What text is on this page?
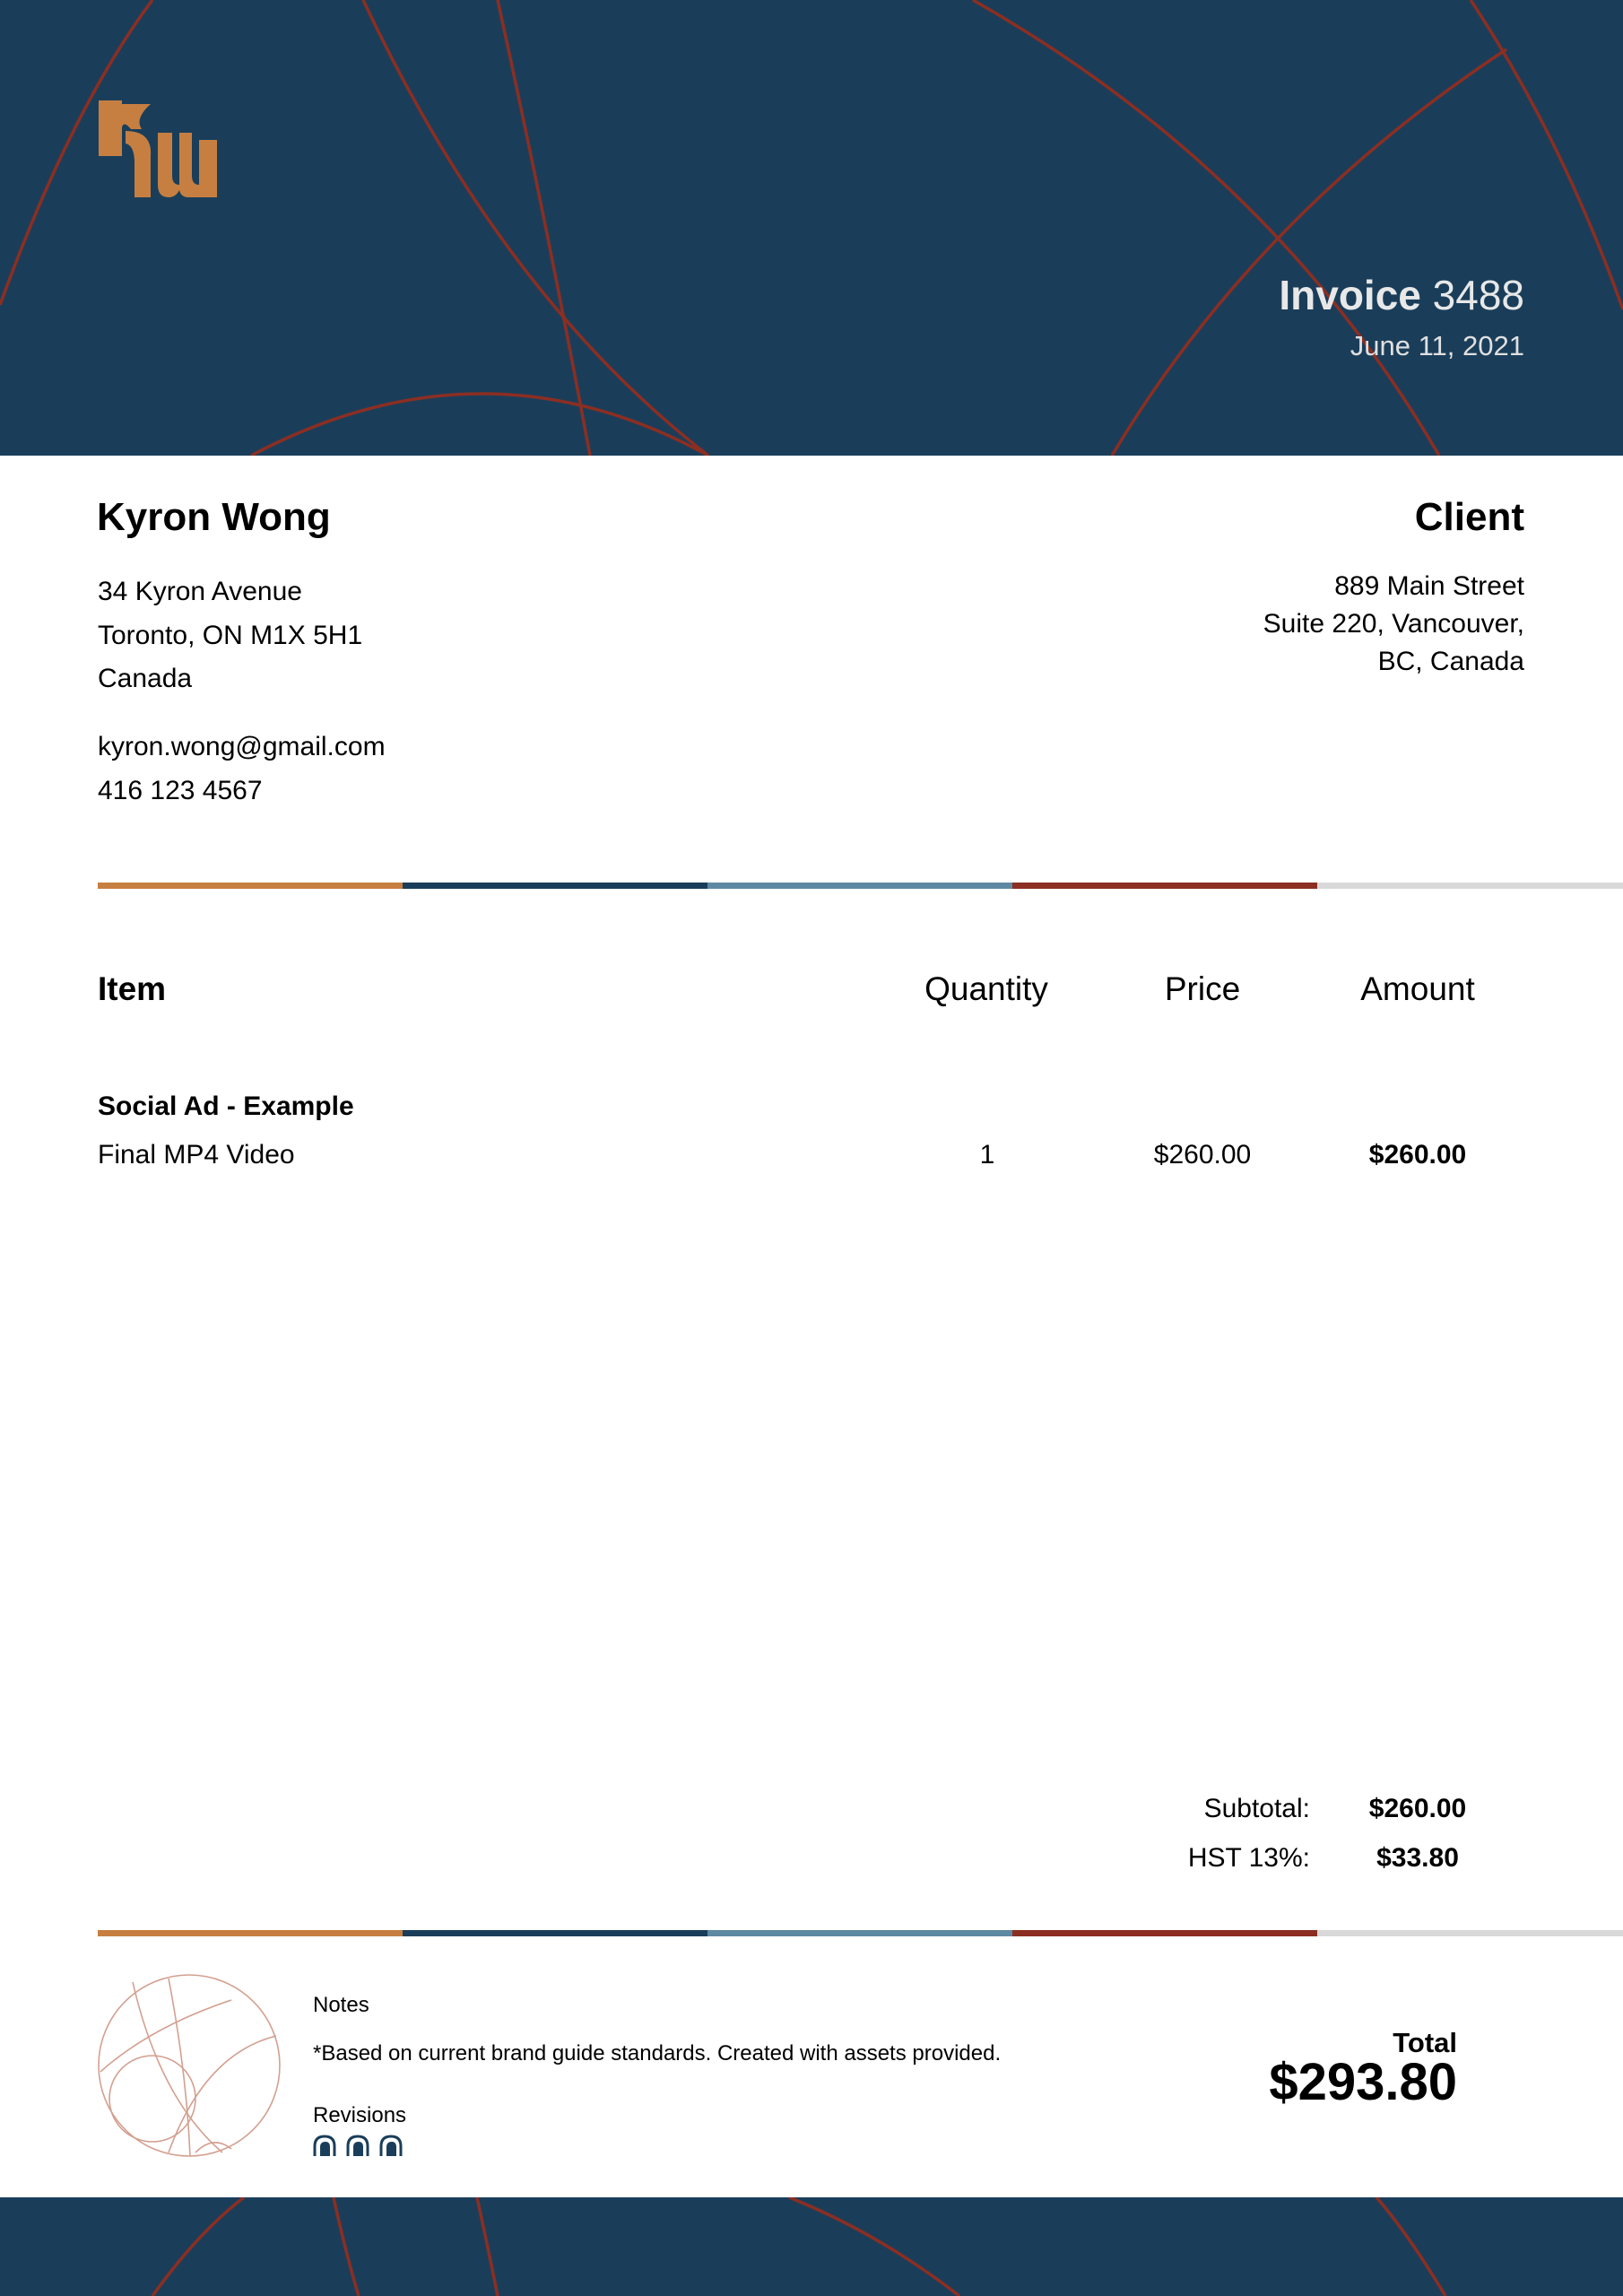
Invoice 3488
June 11, 2021
Kyron Wong
34 Kyron Avenue
Toronto, ON M1X 5H1
Canada
kyron.wong@gmail.com
416 123 4567
Client
889 Main Street
Suite 220, Vancouver,
BC, Canada
Item	Quantity	Price	Amount
Social Ad - Example
Final MP4 Video	1	$260.00	$260.00
Subtotal: $260.00
HST 13%: $33.80
Notes
*Based on current brand guide standards. Created with assets provided.
Revisions
Total
$293.80
